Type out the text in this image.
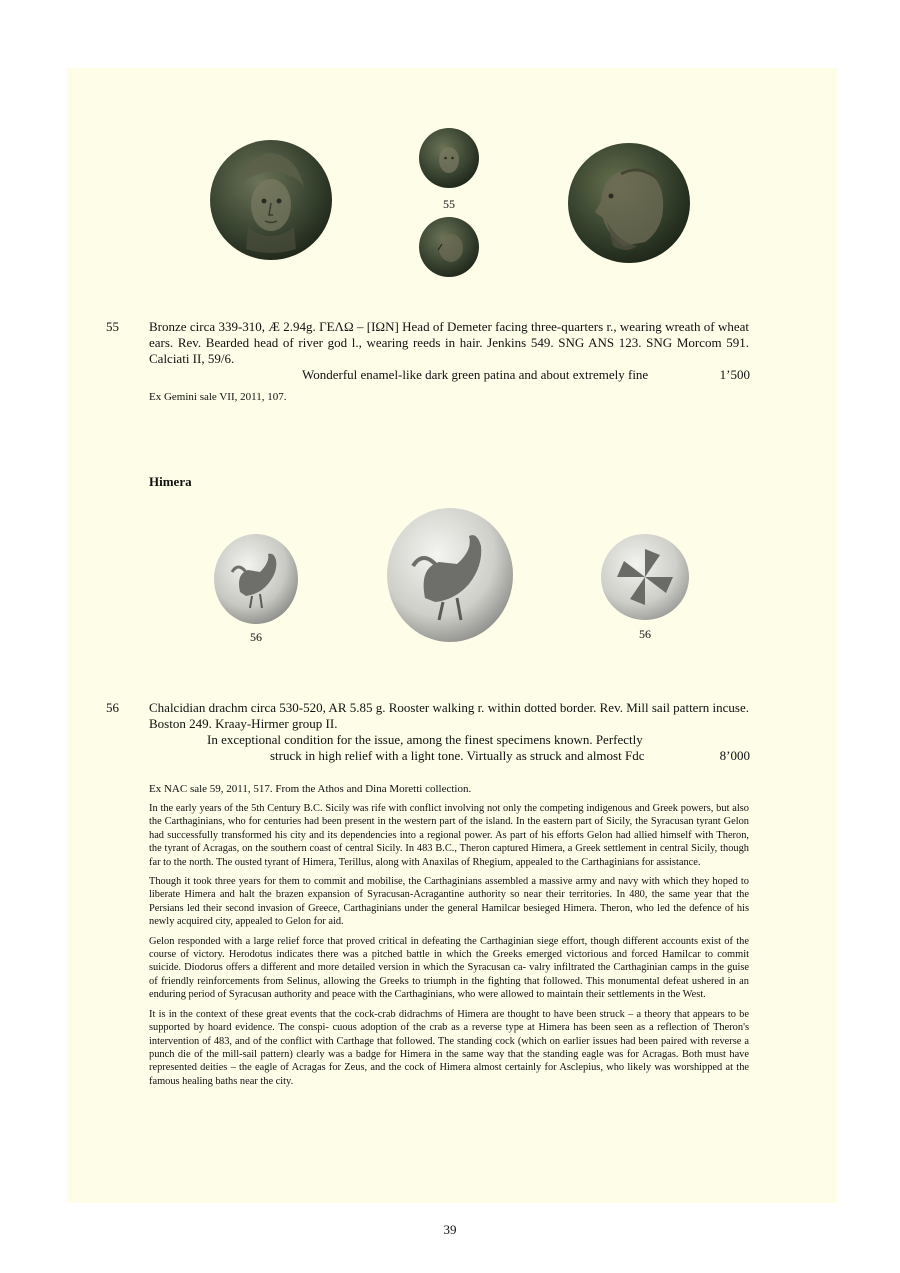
55
55 Bronze circa 339-310, Æ 2.94g. ΓΕΛΩ – [ΙΩΝ] Head of Demeter facing three-quarters r., wearing wreath of wheat ears. Rev. Bearded head of river god l., wearing reeds in hair. Jenkins 549. SNG ANS 123. SNG Morcom 591. Calciati II, 59/6.
Wonderful enamel-like dark green patina and about extremely fine	1’500
Ex Gemini sale VII, 2011, 107.
Himera
56	56
56 Chalcidian drachm circa 530-520, AR 5.85 g. Rooster walking r. within dotted border. Rev. Mill sail pattern incuse. Boston 249. Kraay-Hirmer group II.
In exceptional condition for the issue, among the finest specimens known. Perfectly
struck in high relief with a light tone. Virtually as struck and almost Fdc	8’000
Ex NAC sale 59, 2011, 517. From the Athos and Dina Moretti collection.

In the early years of the 5th Century B.C. Sicily was rife with conflict involving not only the competing indigenous and Greek powers, but also the Carthaginians, who for centuries had been present in the western part of the island. In the eastern part of Sicily, the Syracusan tyrant Gelon had successfully transformed his city and its dependencies into a regional power. As part of his efforts Gelon had allied himself with Theron, the tyrant of Acragas, on the southern coast of central Sicily. In 483 B.C., Theron captured Himera, a Greek settlement in central Sicily, though far to the north. The ousted tyrant of Himera, Terillus, along with Anaxilas of Rhegium, appealed to the Carthaginians for assistance.

Though it took three years for them to commit and mobilise, the Carthaginians assembled a massive army and navy with which they hoped to liberate Himera and halt the brazen expansion of Syracusan-Acragantine authority so near their territories. In 480, the same year that the Persians led their second invasion of Greece, Carthaginians under the general Hamilcar besieged Himera. Theron, who led the defence of his newly acquired city, appealed to Gelon for aid.

Gelon responded with a large relief force that proved critical in defeating the Carthaginian siege effort, though different accounts exist of the course of victory. Herodotus indicates there was a pitched battle in which the Greeks emerged victorious and forced Hamilcar to commit suicide. Diodorus offers a different and more detailed version in which the Syracusan ca- valry infiltrated the Carthaginian camps in the guise of friendly reinforcements from Selinus, allowing the Greeks to triumph in the fighting that followed. This monumental defeat ushered in an enduring period of Syracusan authority and peace with the Carthaginians, who were allowed to maintain their settlements in the West.

It is in the context of these great events that the cock-crab didrachms of Himera are thought to have been struck – a theory that appears to be supported by hoard evidence. The conspi- cuous adoption of the crab as a reverse type at Himera has been seen as a reflection of Theron's intervention of 483, and of the conflict with Carthage that followed. The standing cock (which on earlier issues had been paired with reverse a punch die of the mill-sail pattern) clearly was a badge for Himera in the same way that the standing eagle was for Acragas. Both must have represented deities – the eagle of Acragas for Zeus, and the cock of Himera almost certainly for Asclepius, who likely was worshipped at the famous healing baths near the city.

39
